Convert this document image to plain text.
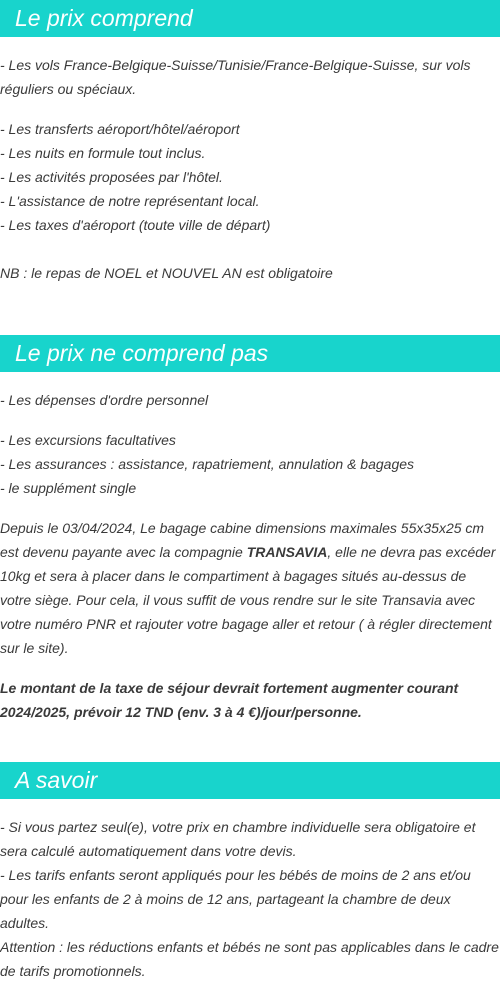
Le prix comprend

- Les vols France-Belgique-Suisse/Tunisie/France-Belgique-Suisse, sur vols réguliers ou spéciaux.

- Les transferts aéroport/hôtel/aéroport

- Les nuits en formule tout inclus.

- Les activités proposées par l'hôtel.

- L'assistance de notre représentant local.

- Les taxes d'aéroport (toute ville de départ)

NB : le repas de NOEL et NOUVEL AN est obligatoire

Le prix ne comprend pas

- Les dépenses d'ordre personnel

- Les excursions facultatives

- Les assurances : assistance, rapatriement, annulation & bagages

- le supplément single

Depuis le 03/04/2024, Le bagage cabine dimensions maximales 55x35x25 cm est devenu payante avec la compagnie TRANSAVIA, elle ne devra pas excéder 10kg et sera à placer dans le compartiment à bagages situés au-dessus de votre siège. Pour cela, il vous suffit de vous rendre sur le site Transavia avec votre numéro PNR et rajouter votre bagage aller et retour ( à régler directement sur le site).

Le montant de la taxe de séjour devrait fortement augmenter courant 2024/2025, prévoir 12 TND (env. 3 à 4 €)/jour/personne.

A savoir

- Si vous partez seul(e), votre prix en chambre individuelle sera obligatoire et sera calculé automatiquement dans votre devis.

- Les tarifs enfants seront appliqués pour les bébés de moins de 2 ans et/ou pour les enfants de 2 à moins de 12 ans, partageant la chambre de deux adultes.

Attention : les réductions enfants et bébés ne sont pas applicables dans le cadre de tarifs promotionnels.
